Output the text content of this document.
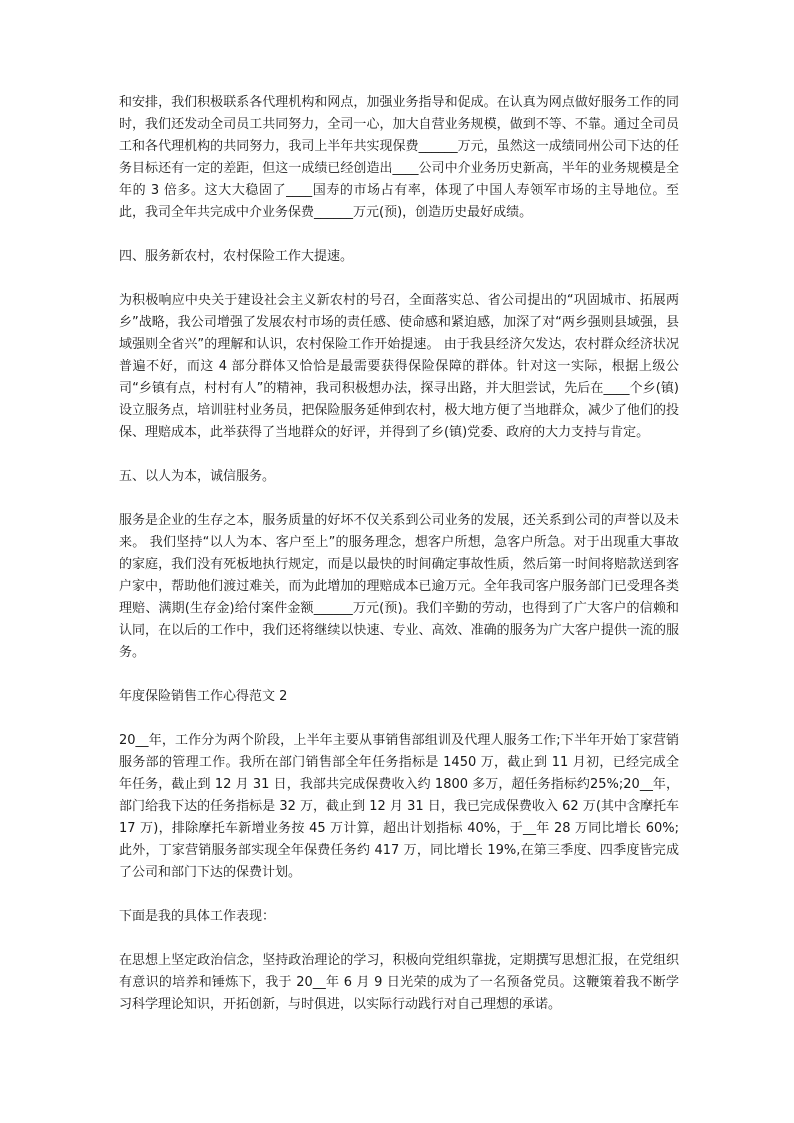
和安排，我们积极联系各代理机构和网点，加强业务指导和促成。在认真为网点做好服务工作的同时，我们还发动全司员工共同努力，全司一心，加大自营业务规模，做到不等、不靠。通过全司员工和各代理机构的共同努力，我司上半年共实现保费______万元，虽然这一成绩同州公司下达的任务目标还有一定的差距，但这一成绩已经创造出____公司中介业务历史新高，半年的业务规模是全年的 3 倍多。这大大稳固了____国寿的市场占有率，体现了中国人寿领军市场的主导地位。至此，我司全年共完成中介业务保费______万元(预)，创造历史最好成绩。

四、服务新农村，农村保险工作大提速。

为积极响应中央关于建设社会主义新农村的号召，全面落实总、省公司提出的“巩固城市、拓展两乡”战略，我公司增强了发展农村市场的责任感、使命感和紧迫感，加深了对“两乡强则县域强，县域强则全省兴”的理解和认识，农村保险工作开始提速。 由于我县经济欠发达，农村群众经济状况普遍不好，而这 4 部分群体又恰恰是最需要获得保险保障的群体。针对这一实际，根据上级公司“乡镇有点，村村有人”的精神，我司积极想办法，探寻出路，并大胆尝试，先后在____个乡(镇)设立服务点，培训驻村业务员，把保险服务延伸到农村，极大地方便了当地群众，减少了他们的投保、理赔成本，此举获得了当地群众的好评，并得到了乡(镇)党委、政府的大力支持与肯定。

五、以人为本，诚信服务。

服务是企业的生存之本，服务质量的好坏不仅关系到公司业务的发展，还关系到公司的声誉以及未来。 我们坚持“以人为本、客户至上”的服务理念，想客户所想，急客户所急。对于出现重大事故的家庭，我们没有死板地执行规定，而是以最快的时间确定事故性质，然后第一时间将赔款送到客户家中，帮助他们渡过难关，而为此增加的理赔成本已逾万元。全年我司客户服务部门已受理各类理赔、满期(生存金)给付案件金额______万元(预)。我们辛勤的劳动，也得到了广大客户的信赖和认同，在以后的工作中，我们还将继续以快速、专业、高效、准确的服务为广大客户提供一流的服务。

年度保险销售工作心得范文 2

20__年，工作分为两个阶段，上半年主要从事销售部组训及代理人服务工作;下半年开始丁家营销服务部的管理工作。我所在部门销售部全年任务指标是 1450 万，截止到 11 月初，已经完成全年任务，截止到 12 月 31 日，我部共完成保费收入约 1800 多万，超任务指标约25%;20__年，部门给我下达的任务指标是 32 万，截止到 12 月 31 日，我已完成保费收入 62 万(其中含摩托车 17 万)，排除摩托车新增业务按 45 万计算，超出计划指标 40%，于__年 28 万同比增长 60%;此外，丁家营销服务部实现全年保费任务约 417 万，同比增长 19%,在第三季度、四季度皆完成了公司和部门下达的保费计划。

下面是我的具体工作表现：

在思想上坚定政治信念，坚持政治理论的学习，积极向党组织靠拢，定期撰写思想汇报，在党组织有意识的培养和锤炼下，我于 20__年 6 月 9 日光荣的成为了一名预备党员。这鞭策着我不断学习科学理论知识，开拓创新，与时俱进，以实际行动践行对自己理想的承诺。
